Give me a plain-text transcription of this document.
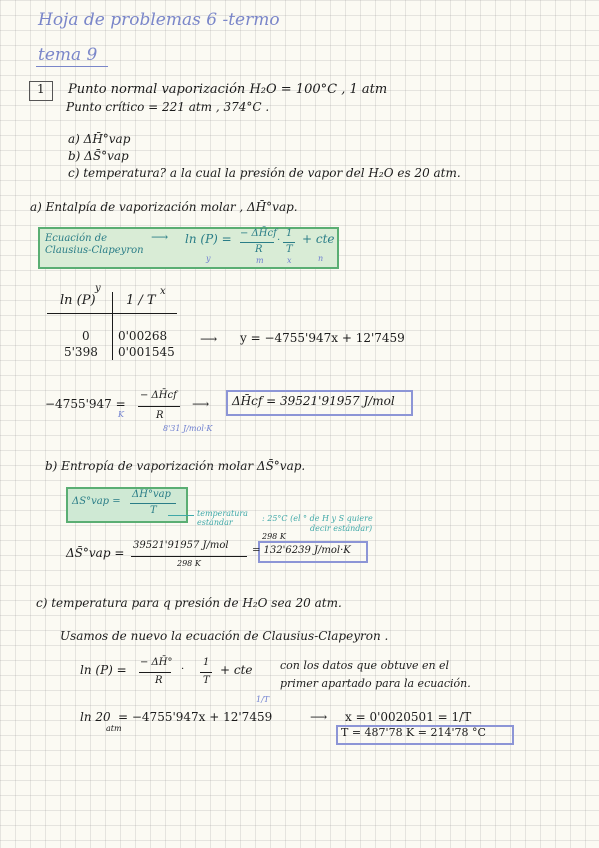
Hoja de problemas 6 -termo
tema 9
1 Punto normal vaporización H₂O = 100°C , 1 atm
Punto crítico = 221 atm , 374°C .
a) ΔH̄°vap
b) ΔS̄°vap
c) temperatura? a la cual la presión de vapor del H₂O es 20 atm.
a) Entalpía de vaporización molar , ΔH̄°vap.
Ecuación de
Clausius-Clapeyron
⟶ ln (P) = − ΔH̄cf
R
·
1
T
+ cte
y	m	x	n
y	x
ln (P) 1 / T
0 0'00268
5'398 0'001545
⟶ y = −4755'947x + 12'7459
−4755'947 =
− ΔH̄cf
R
K
8'31 J/mol·K
⟶ ΔH̄cf = 39521'91957 J/mol
b) Entropía de vaporización molar ΔS̄°vap.
ΔS°vap =
ΔH°vap
T	temperatura
estándar	: 25°C (el ° de H y S quiere
decir estándar)
298 K
ΔS̄°vap =
39521'91957 J/mol
298 K
= 132'6239 J/mol·K
c) temperatura para q presión de H₂O sea 20 atm.
Usamos de nuevo la ecuación de Clausius-Clapeyron .
ln (P) =
− ΔH̄°
R
·
1
T
+ cte con los datos que obtuve en el
primer apartado para la ecuación.
1/T
ln 20
atm
= −4755'947x + 12'7459	⟶ x = 0'0020501 = 1/T
T = 487'78 K = 214'78 °C
